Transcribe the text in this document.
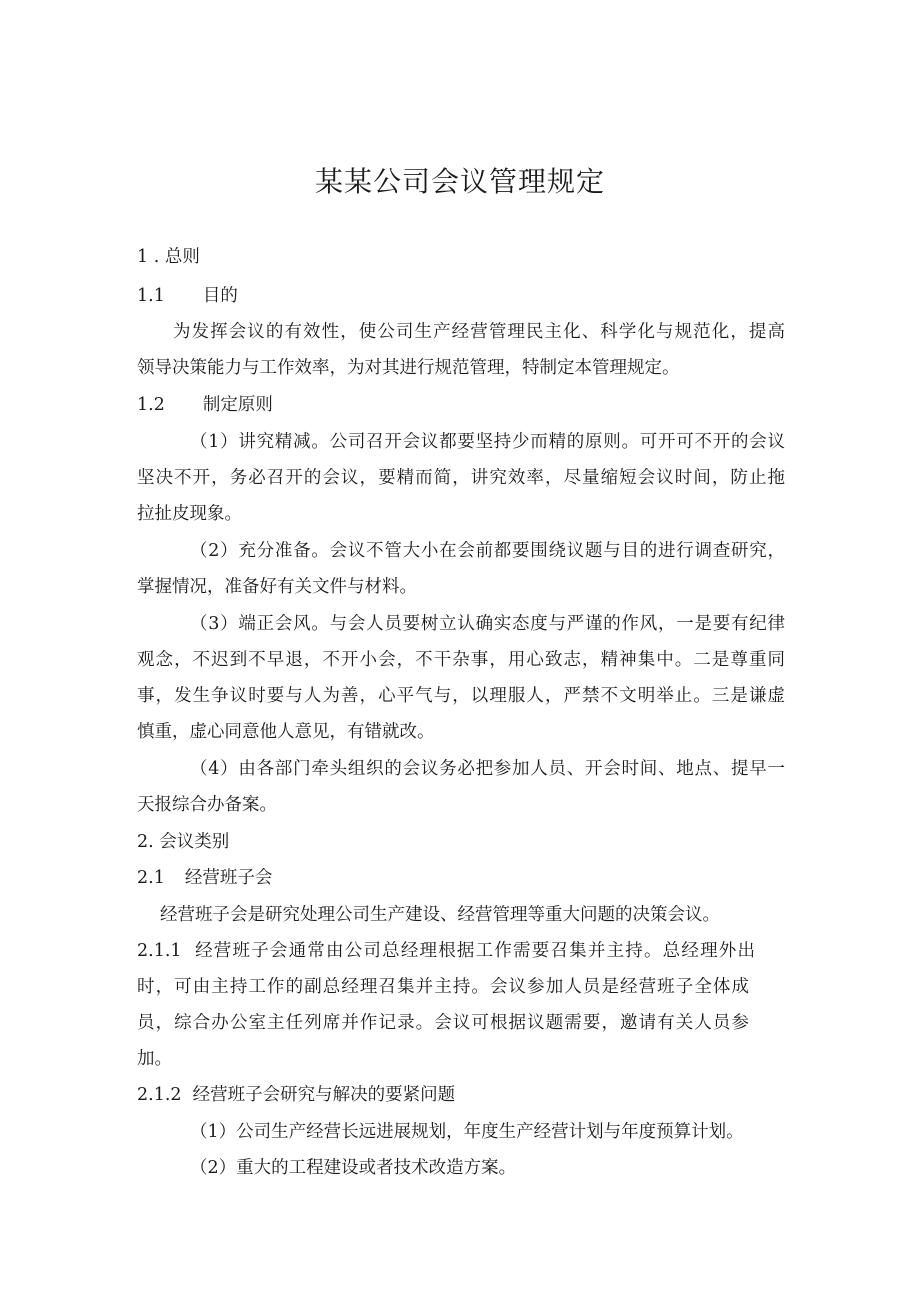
某某公司会议管理规定

1 . 总则

1.1 目的

为发挥会议的有效性，使公司生产经营管理民主化、科学化与规范化，提高

领导决策能力与工作效率，为对其进行规范管理，特制定本管理规定。

1.2 制定原则

（1）讲究精减。公司召开会议都要坚持少而精的原则。可开可不开的会议

坚决不开，务必召开的会议，要精而简，讲究效率，尽量缩短会议时间，防止拖

拉扯皮现象。

（2）充分准备。会议不管大小在会前都要围绕议题与目的进行调查研究，

掌握情况，准备好有关文件与材料。

（3）端正会风。与会人员要树立认确实态度与严谨的作风，一是要有纪律

观念，不迟到不早退，不开小会，不干杂事，用心致志，精神集中。二是尊重同

事，发生争议时要与人为善，心平气与，以理服人，严禁不文明举止。三是谦虚

慎重，虚心同意他人意见，有错就改。

（4）由各部门牵头组织的会议务必把参加人员、开会时间、地点、提早一

天报综合办备案。

2. 会议类别

2.1 经营班子会

经营班子会是研究处理公司生产建设、经营管理等重大问题的决策会议。

2.1.1 经营班子会通常由公司总经理根据工作需要召集并主持。总经理外出

时，可由主持工作的副总经理召集并主持。会议参加人员是经营班子全体成

员，综合办公室主任列席并作记录。会议可根据议题需要，邀请有关人员参

加。

2.1.2 经营班子会研究与解决的要紧问题

（1）公司生产经营长远进展规划，年度生产经营计划与年度预算计划。

（2）重大的工程建设或者技术改造方案。
